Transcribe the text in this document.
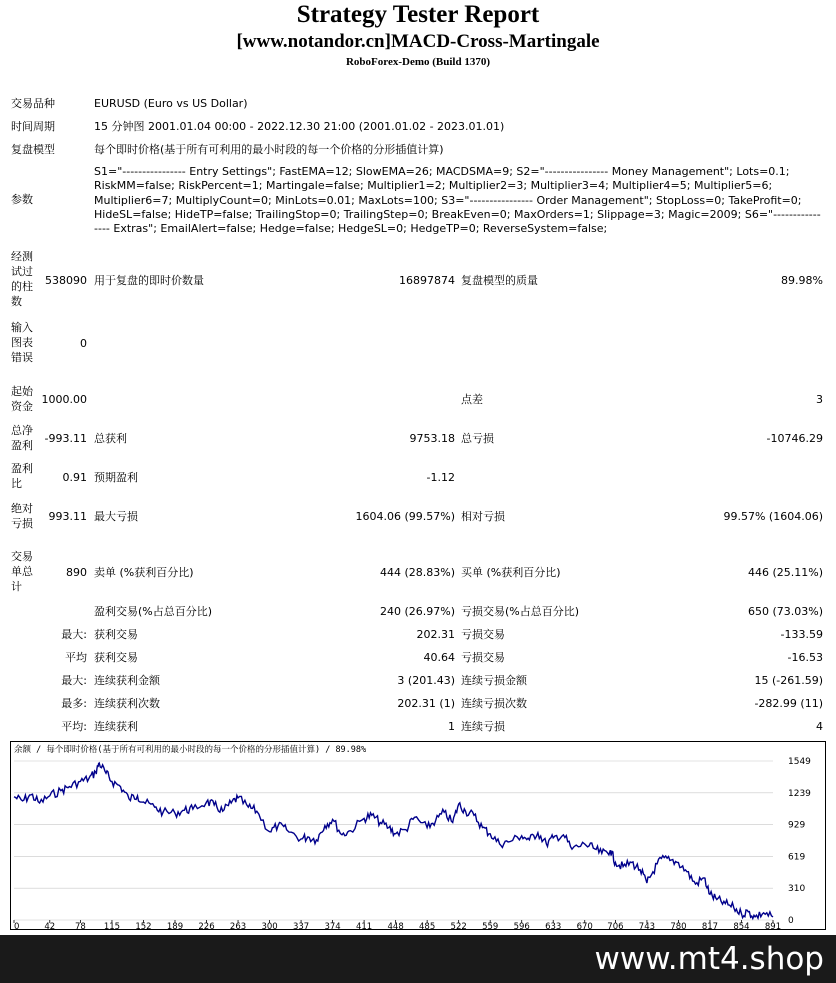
Strategy Tester Report
[www.notandor.cn]MACD-Cross-Martingale
RoboForex-Demo (Build 1370)
交易品种	EURUSD (Euro vs US Dollar)
时间周期	15 分钟图 2001.01.04 00:00 - 2022.12.30 21:00 (2001.01.02 - 2023.01.01)
复盘模型	每个即时价格(基于所有可利用的最小时段的每一个价格的分形插值计算)
参数
S1="---------------- Entry Settings"; FastEMA=12; SlowEMA=26; MACDSMA=9; S2="---------------- Money Management"; Lots=0.1; RiskMM=false; RiskPercent=1; Martingale=false; Multiplier1=2; Multiplier2=3; Multiplier3=4; Multiplier4=5; Multiplier5=6; Multiplier6=7; MultiplyCount=0; MinLots=0.01; MaxLots=100; S3="---------------- Order Management"; StopLoss=0; TakeProfit=0; HideSL=false; HideTP=false; TrailingStop=0; TrailingStep=0; BreakEven=0; MaxOrders=1; Slippage=3; Magic=2009; S6="---------------- Extras"; EmailAlert=false; Hedge=false; HedgeSL=0; HedgeTP=0; ReverseSystem=false;
经测
试过
的柱
数
538090 用于复盘的即时价数量	16897874 复盘模型的质量	89.98%
输入
图表
错误
0
起始
资金
1000.00	点差	3
总净
盈利
-993.11 总获利	9753.18 总亏损	-10746.29
盈利
比	0.91 预期盈利	-1.12
绝对
亏损
993.11 最大亏损	1604.06 (99.57%) 相对亏损	99.57% (1604.06)
交易
单总
计
890 卖单 (%获利百分比)	444 (28.83%) 买单 (%获利百分比)	446 (25.11%)
盈利交易(%占总百分比)	240 (26.97%) 亏损交易(%占总百分比)	650 (73.03%)
最大: 获利交易	202.31 亏损交易	-133.59
平均 获利交易	40.64 亏损交易	-16.53
最大: 连续获利金额	3 (201.43) 连续亏损金额	15 (-261.59)
最多: 连续获利次数	202.31 (1) 连续亏损次数	-282.99 (11)
平均: 连续获利	1 连续亏损	4
余额 / 每个即时价格(基于所有可利用的最小时段的每一个价格的分形插值计算) / 89.98%
1549
1239
929
619
310
0
0	42 78 115 152 189 226 263 300 337 374 411 448 485 522 559 596 633 670 706 743 780 817 854 891
www.mt4.shop
